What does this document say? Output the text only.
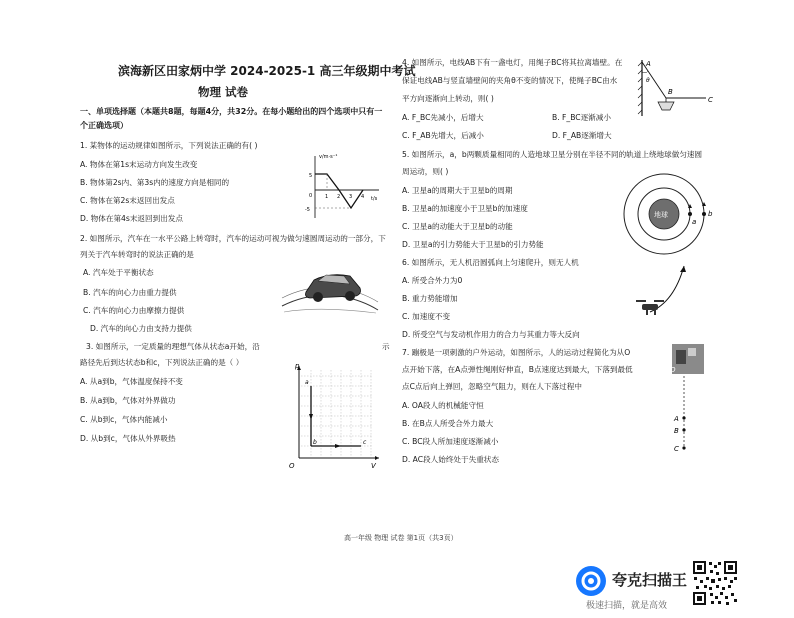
滨海新区田家炳中学 2024-2025-1 高三年级期中考试
物理 试卷
一、单项选择题（本题共8题，每题4分，共32分。在每小题给出的四个选项中只有一
个正确选项）
1. 某物体的运动规律如图所示，下列说法正确的有( )
A. 物体在第1s末运动方向发生改变
B. 物体第2s内、第3s内的速度方向是相同的
C. 物体在第2s末返回出发点
D. 物体在第4s末返回到出发点
v/m·s⁻¹
t/s
5
-5
0	1 2 3 4
2. 如图所示，汽车在一水平公路上转弯时，汽车的运动可视为做匀速圆周运动的一部分，下
列关于汽车转弯时的说法正确的是
A. 汽车处于平衡状态
B. 汽车的向心力由重力提供
C. 汽车的向心力由摩擦力提供
D. 汽车的向心力由支持力提供
3. 如图所示，一定质量的理想气体从状态a开始，沿
路径先后到达状态b和c，下列说法正确的是（ ）
示
A. 从a到b，气体温度保持不变
B. 从a到b，气体对外界做功
C. 从b到c，气体内能减小
D. 从b到c，气体从外界吸热
p
V
O
a
b	c
4. 如图所示，电线AB下有一盏电灯，用绳子BC将其拉离墙壁。在
保证电线AB与竖直墙壁间的夹角θ不变的情况下，使绳子BC由水
平方向逐渐向上转动，则( )
A. F_BC先减小，后增大	B. F_BC逐渐减小
C. F_AB先增大，后减小	D. F_AB逐渐增大
A
θ
B
C
5. 如图所示，a，b两颗质量相同的人造地球卫星分别在半径不同的轨道上绕地球做匀速圆
周运动，则( )
A. 卫星a的周期大于卫星b的周期
B. 卫星a的加速度小于卫星b的加速度
C. 卫星a的动能大于卫星b的动能
D. 卫星a的引力势能大于卫星b的引力势能
地球
a
b
6. 如图所示，无人机沿圆弧向上匀速爬升，则无人机
A. 所受合外力为0
B. 重力势能增加
C. 加速度不变
D. 所受空气与发动机作用力的合力与其重力等大反向
7. 蹦极是一项刺激的户外运动，如图所示，人的运动过程简化为从O
点开始下落，在A点弹性绳刚好伸直，B点速度达到最大，下落到最低
点C点后向上弹回，忽略空气阻力，则在人下落过程中
A. OA段人的机械能守恒
B. 在B点人所受合外力最大
C. BC段人所加速度逐渐减小
D. AC段人始终处于失重状态
O
A
B
C
高一年级 物理 试卷 第1页（共3页）
夸克扫描王
极速扫描，就是高效
